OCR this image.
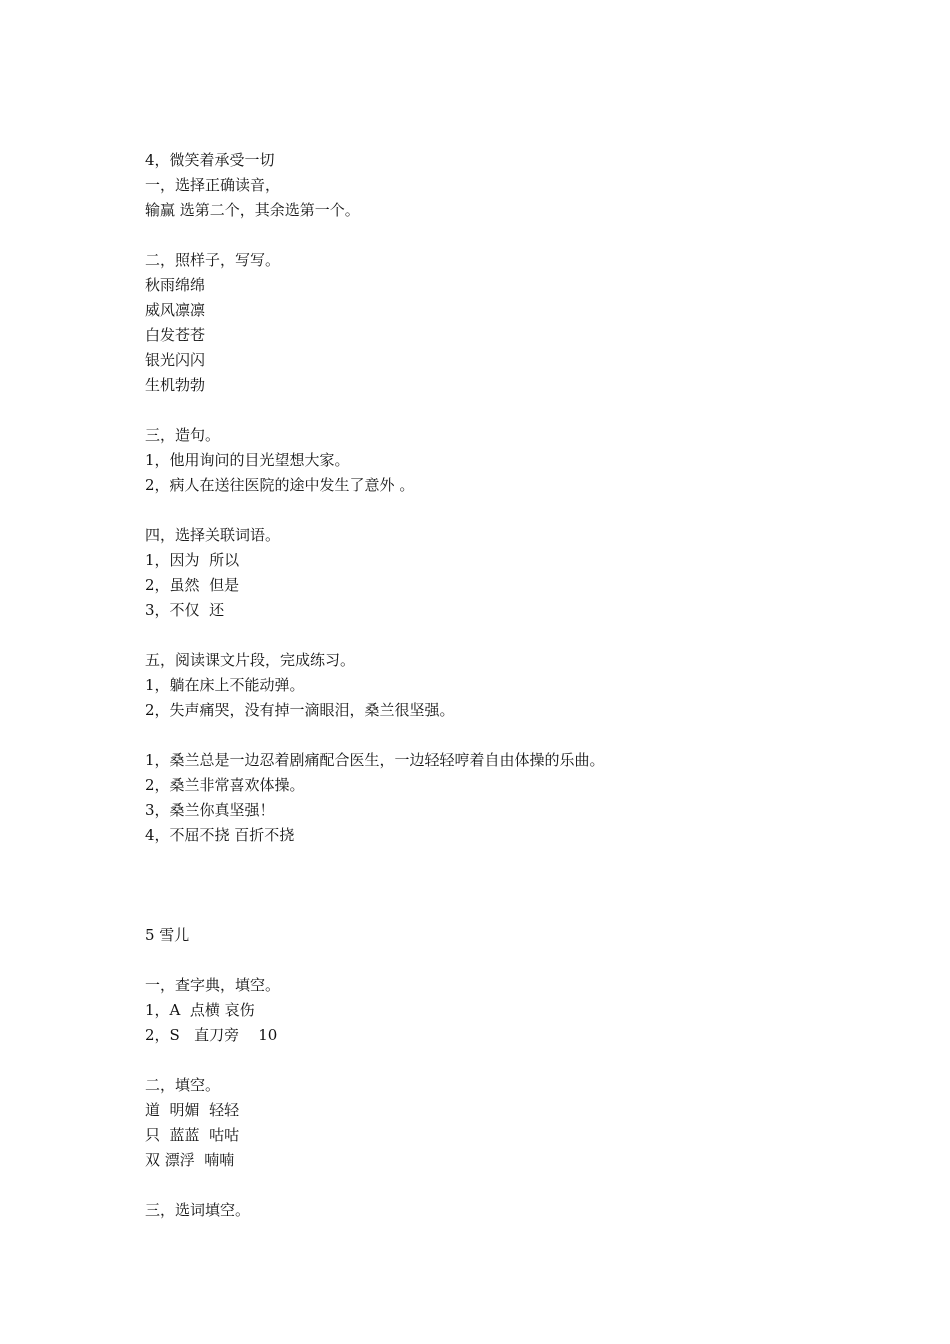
4，微笑着承受一切
一，选择正确读音，
输赢 选第二个，其余选第一个。
二，照样子，写写。
秋雨绵绵
威风凛凛
白发苍苍
银光闪闪
生机勃勃
三，造句。
1，他用询问的目光望想大家。
2，病人在送往医院的途中发生了意外 。
四，选择关联词语。
1，因为  所以
2，虽然  但是
3，不仅  还
五，阅读课文片段，完成练习。
1，躺在床上不能动弹。
2，失声痛哭，没有掉一滴眼泪，桑兰很坚强。
1，桑兰总是一边忍着剧痛配合医生，一边轻轻哼着自由体操的乐曲。
2，桑兰非常喜欢体操。
3，桑兰你真坚强！
4，不屈不挠 百折不挠
5 雪儿
一，查字典，填空。
1，A  点横 哀伤
2，S   直刀旁    10
二，填空。
道  明媚  轻轻
只  蓝蓝  咕咕
双 漂浮  喃喃
三，选词填空。
